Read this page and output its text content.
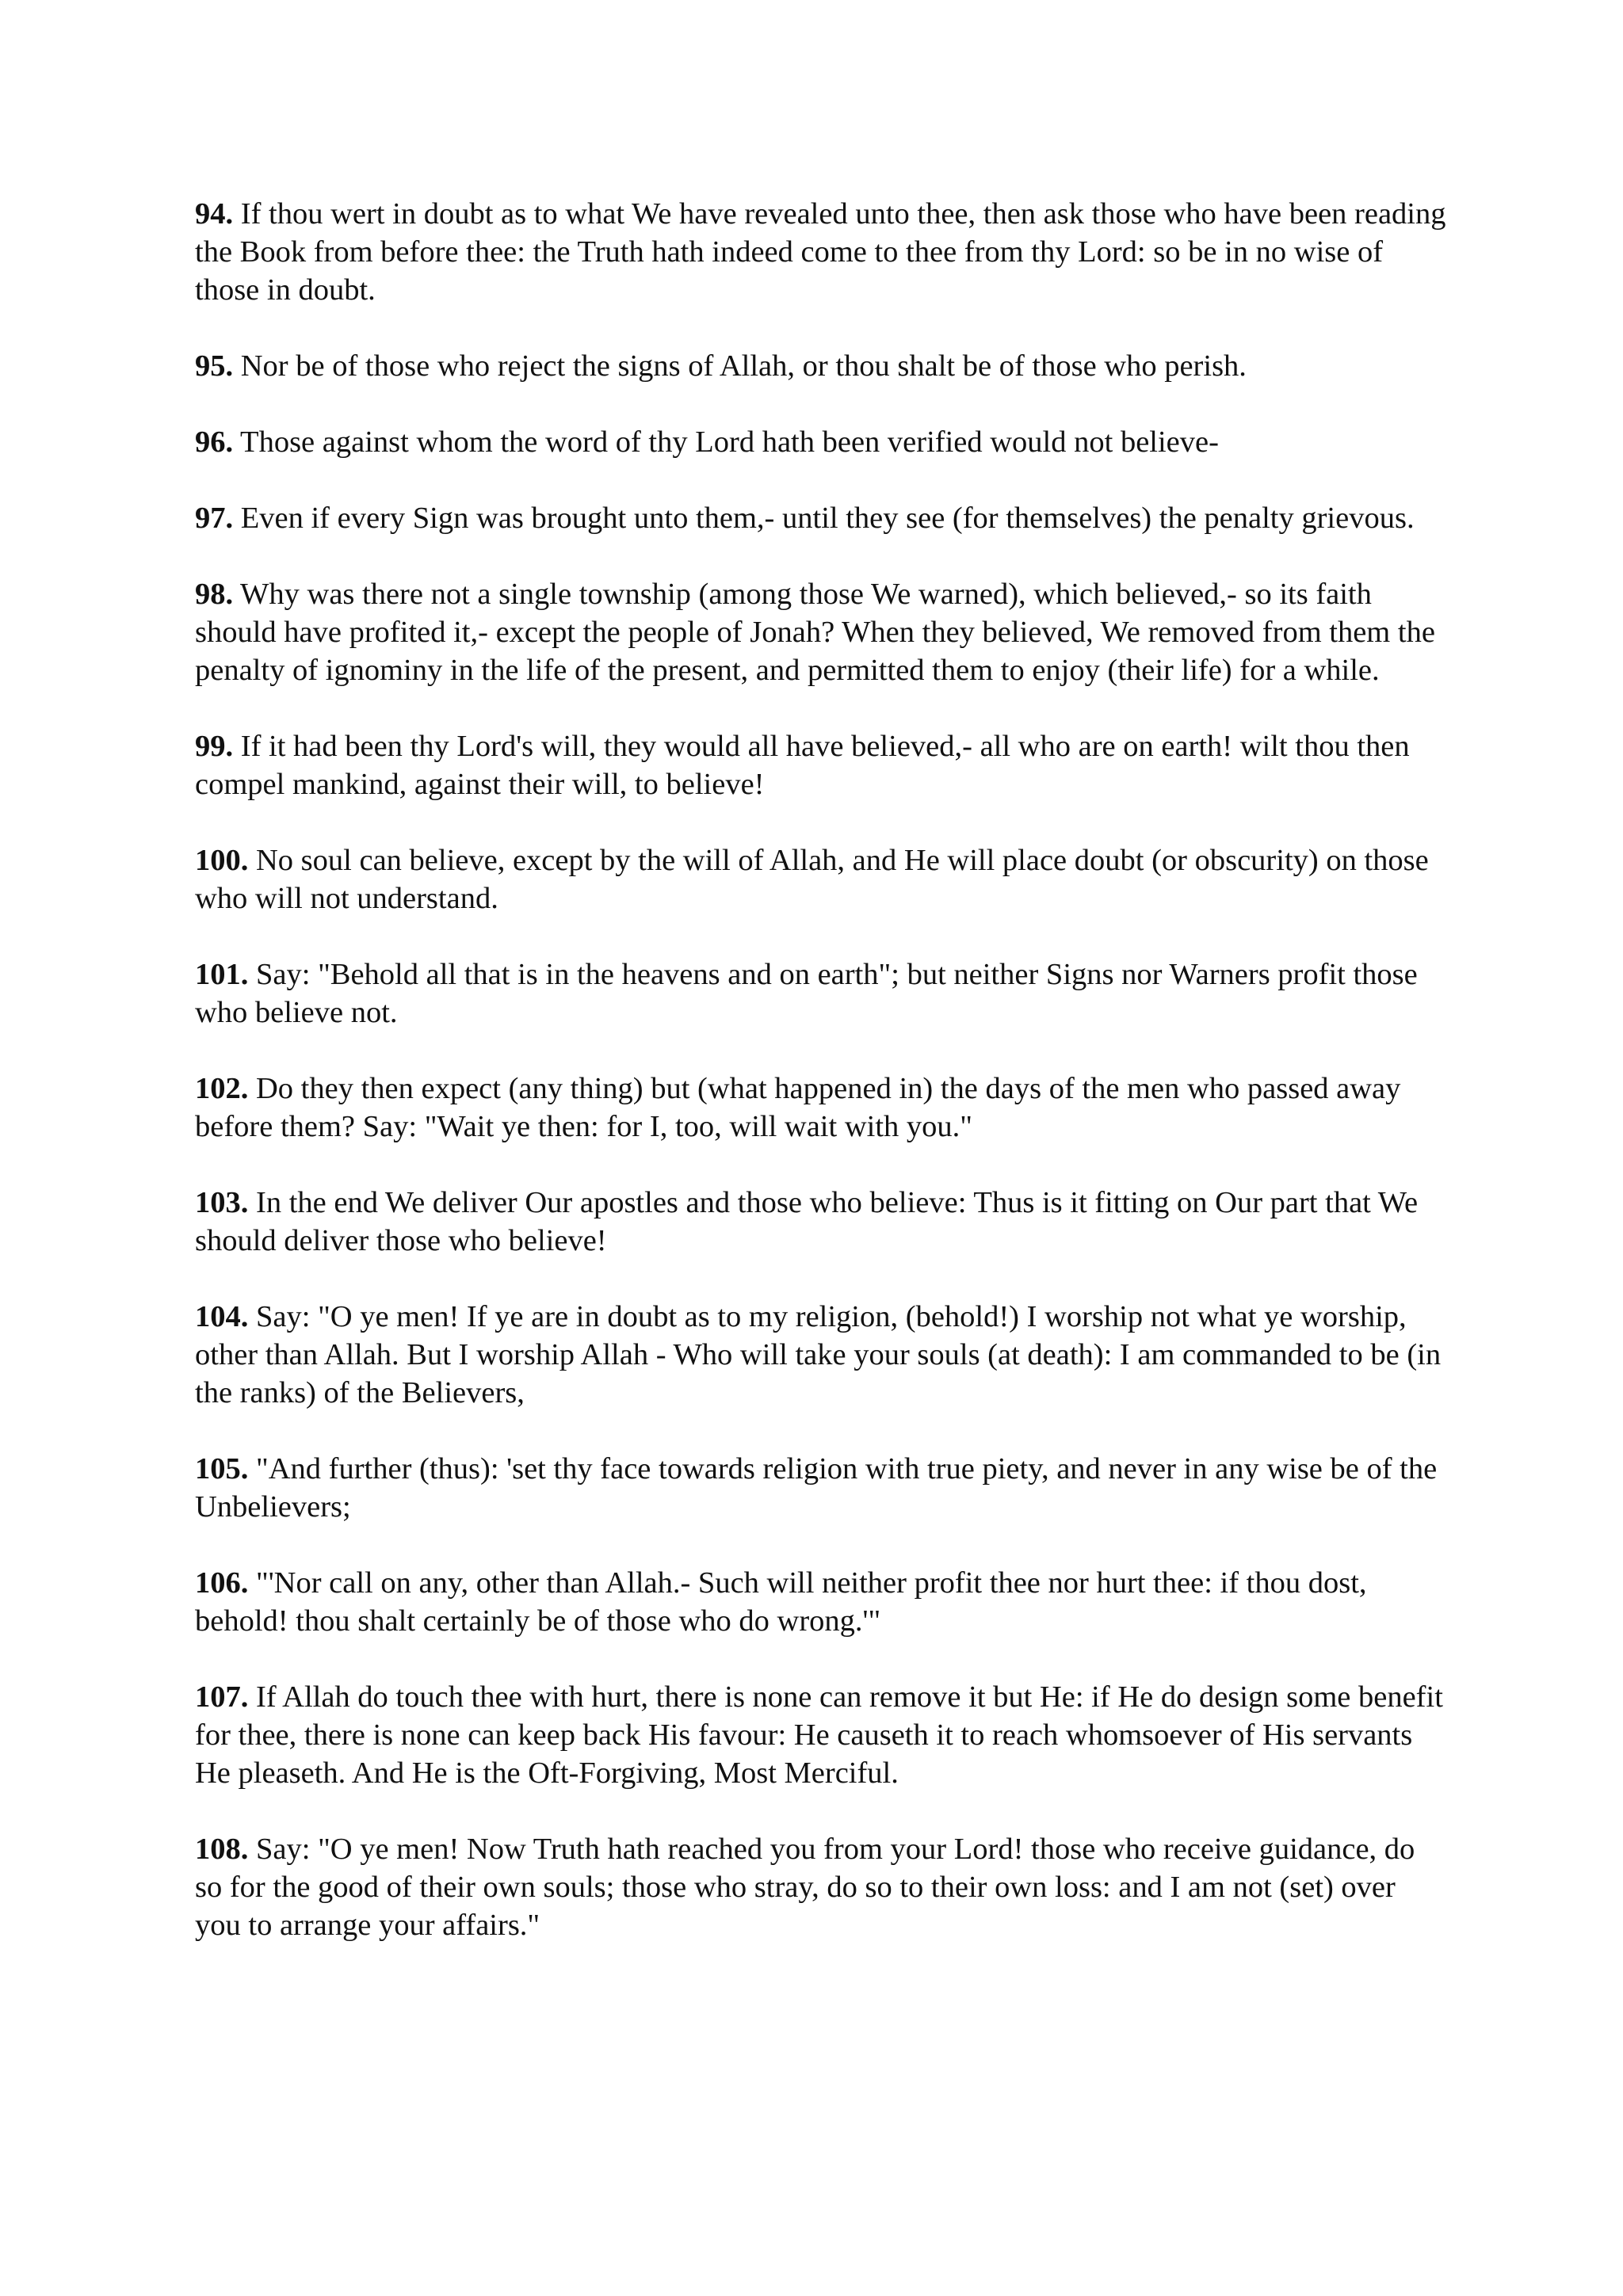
94. If thou wert in doubt as to what We have revealed unto thee, then ask those who have been reading the Book from before thee: the Truth hath indeed come to thee from thy Lord: so be in no wise of those in doubt.

95. Nor be of those who reject the signs of Allah, or thou shalt be of those who perish.

96. Those against whom the word of thy Lord hath been verified would not believe-

97. Even if every Sign was brought unto them,- until they see (for themselves) the penalty grievous.

98. Why was there not a single township (among those We warned), which believed,- so its faith should have profited it,- except the people of Jonah? When they believed, We removed from them the penalty of ignominy in the life of the present, and permitted them to enjoy (their life) for a while.

99. If it had been thy Lord's will, they would all have believed,- all who are on earth! wilt thou then compel mankind, against their will, to believe!

100. No soul can believe, except by the will of Allah, and He will place doubt (or obscurity) on those who will not understand.

101. Say: "Behold all that is in the heavens and on earth"; but neither Signs nor Warners profit those who believe not.

102. Do they then expect (any thing) but (what happened in) the days of the men who passed away before them? Say: "Wait ye then: for I, too, will wait with you."

103. In the end We deliver Our apostles and those who believe: Thus is it fitting on Our part that We should deliver those who believe!

104. Say: "O ye men! If ye are in doubt as to my religion, (behold!) I worship not what ye worship, other than Allah. But I worship Allah - Who will take your souls (at death): I am commanded to be (in the ranks) of the Believers,

105. "And further (thus): 'set thy face towards religion with true piety, and never in any wise be of the Unbelievers;

106. "'Nor call on any, other than Allah.- Such will neither profit thee nor hurt thee: if thou dost, behold! thou shalt certainly be of those who do wrong.'"

107. If Allah do touch thee with hurt, there is none can remove it but He: if He do design some benefit for thee, there is none can keep back His favour: He causeth it to reach whomsoever of His servants He pleaseth. And He is the Oft-Forgiving, Most Merciful.

108. Say: "O ye men! Now Truth hath reached you from your Lord! those who receive guidance, do so for the good of their own souls; those who stray, do so to their own loss: and I am not (set) over you to arrange your affairs."
